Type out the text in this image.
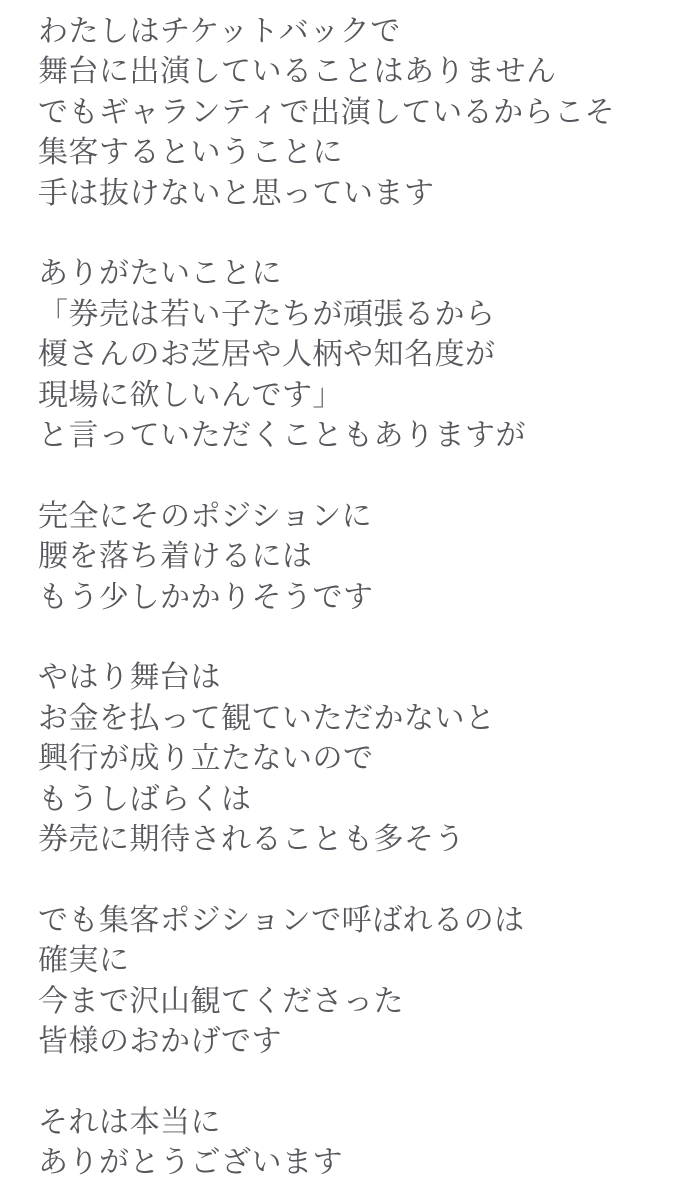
わたしはチケットバックで
舞台に出演していることはありません
でもギャランティで出演しているからこそ
集客するということに
手は抜けないと思っています

ありがたいことに
「券売は若い子たちが頑張るから
榎さんのお芝居や人柄や知名度が
現場に欲しいんです」
と言っていただくこともありますが

完全にそのポジションに
腰を落ち着けるには
もう少しかかりそうです

やはり舞台は
お金を払って観ていただかないと
興行が成り立たないので
もうしばらくは
券売に期待されることも多そう

でも集客ポジションで呼ばれるのは
確実に
今まで沢山観てくださった
皆様のおかげです

それは本当に
ありがとうございます
